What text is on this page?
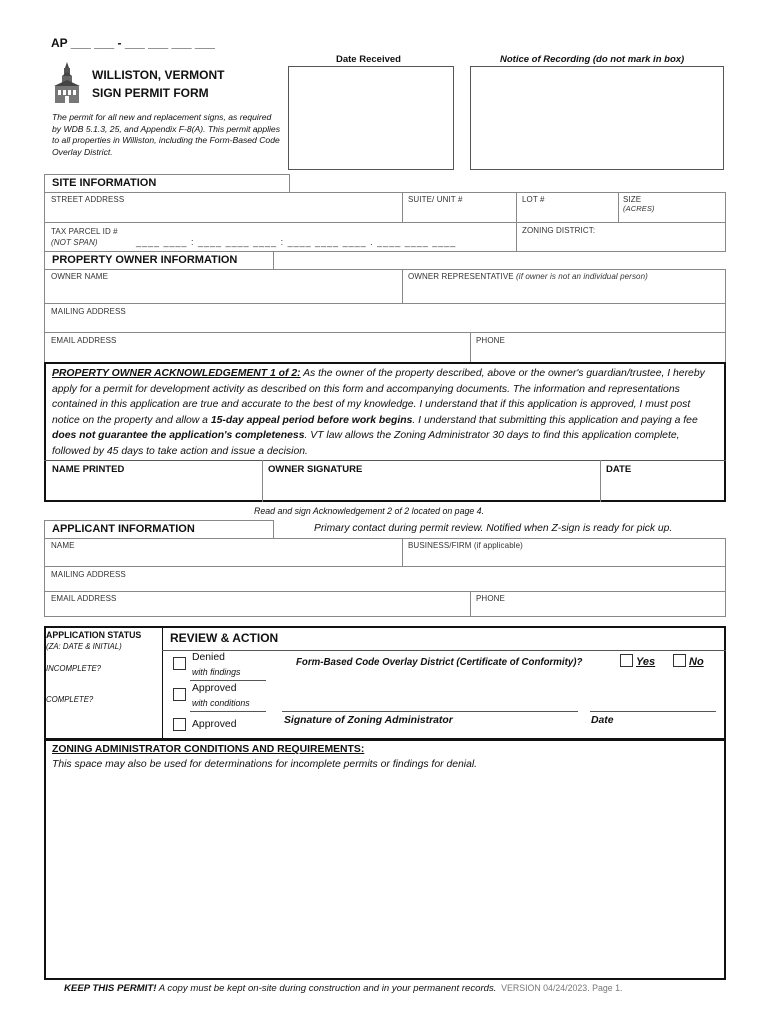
AP ___ ___ - ___ ___ ___ ___
WILLISTON, VERMONT
SIGN PERMIT FORM
The permit for all new and replacement signs, as required by WDB 5.1.3, 25, and Appendix F-8(A). This permit applies to all properties in Williston, including the Form-Based Code Overlay District.
Date Received	Notice of Recording (do not mark in box)
SITE INFORMATION
STREET ADDRESS	SUITE/ UNIT #	LOT #	SIZE
(ACRES)
TAX PARCEL ID #
(NOT SPAN)	____ ____ : ____ ____ ____ : ____ ____ ____ . ____ ____ ____
ZONING DISTRICT:
PROPERTY OWNER INFORMATION
OWNER NAME	OWNER REPRESENTATIVE (if owner is not an individual person)
MAILING ADDRESS
EMAIL ADDRESS	PHONE
PROPERTY OWNER ACKNOWLEDGEMENT 1 of 2: As the owner of the property described, above or the owner's guardian/trustee, I hereby apply for a permit for development activity as described on this form and accompanying documents. The information and representations contained in this application are true and accurate to the best of my knowledge. I understand that if this application is approved, I must post notice on the property and allow a 15-day appeal period before work begins. I understand that submitting this application and paying a fee does not guarantee the application's completeness. VT law allows the Zoning Administrator 30 days to find this application complete, followed by 45 days to take action and issue a decision.
NAME PRINTED	OWNER SIGNATURE	DATE
Read and sign Acknowledgement 2 of 2 located on page 4.
APPLICANT INFORMATION	Primary contact during permit review. Notified when Z-sign is ready for pick up.
NAME	BUSINESS/FIRM (if applicable)
MAILING ADDRESS
EMAIL ADDRESS	PHONE
APPLICATION STATUS
(ZA: DATE & INITIAL)
INCOMPLETE?
COMPLETE?
REVIEW & ACTION
Denied
with findings
Approved
with conditions
Approved
Form-Based Code Overlay District (Certificate of Conformity)?	Yes	No
Signature of Zoning Administrator	Date
ZONING ADMINISTRATOR CONDITIONS AND REQUIREMENTS:
This space may also be used for determinations for incomplete permits or findings for denial.
KEEP THIS PERMIT! A copy must be kept on-site during construction and in your permanent records. VERSION 04/24/2023. Page 1.
